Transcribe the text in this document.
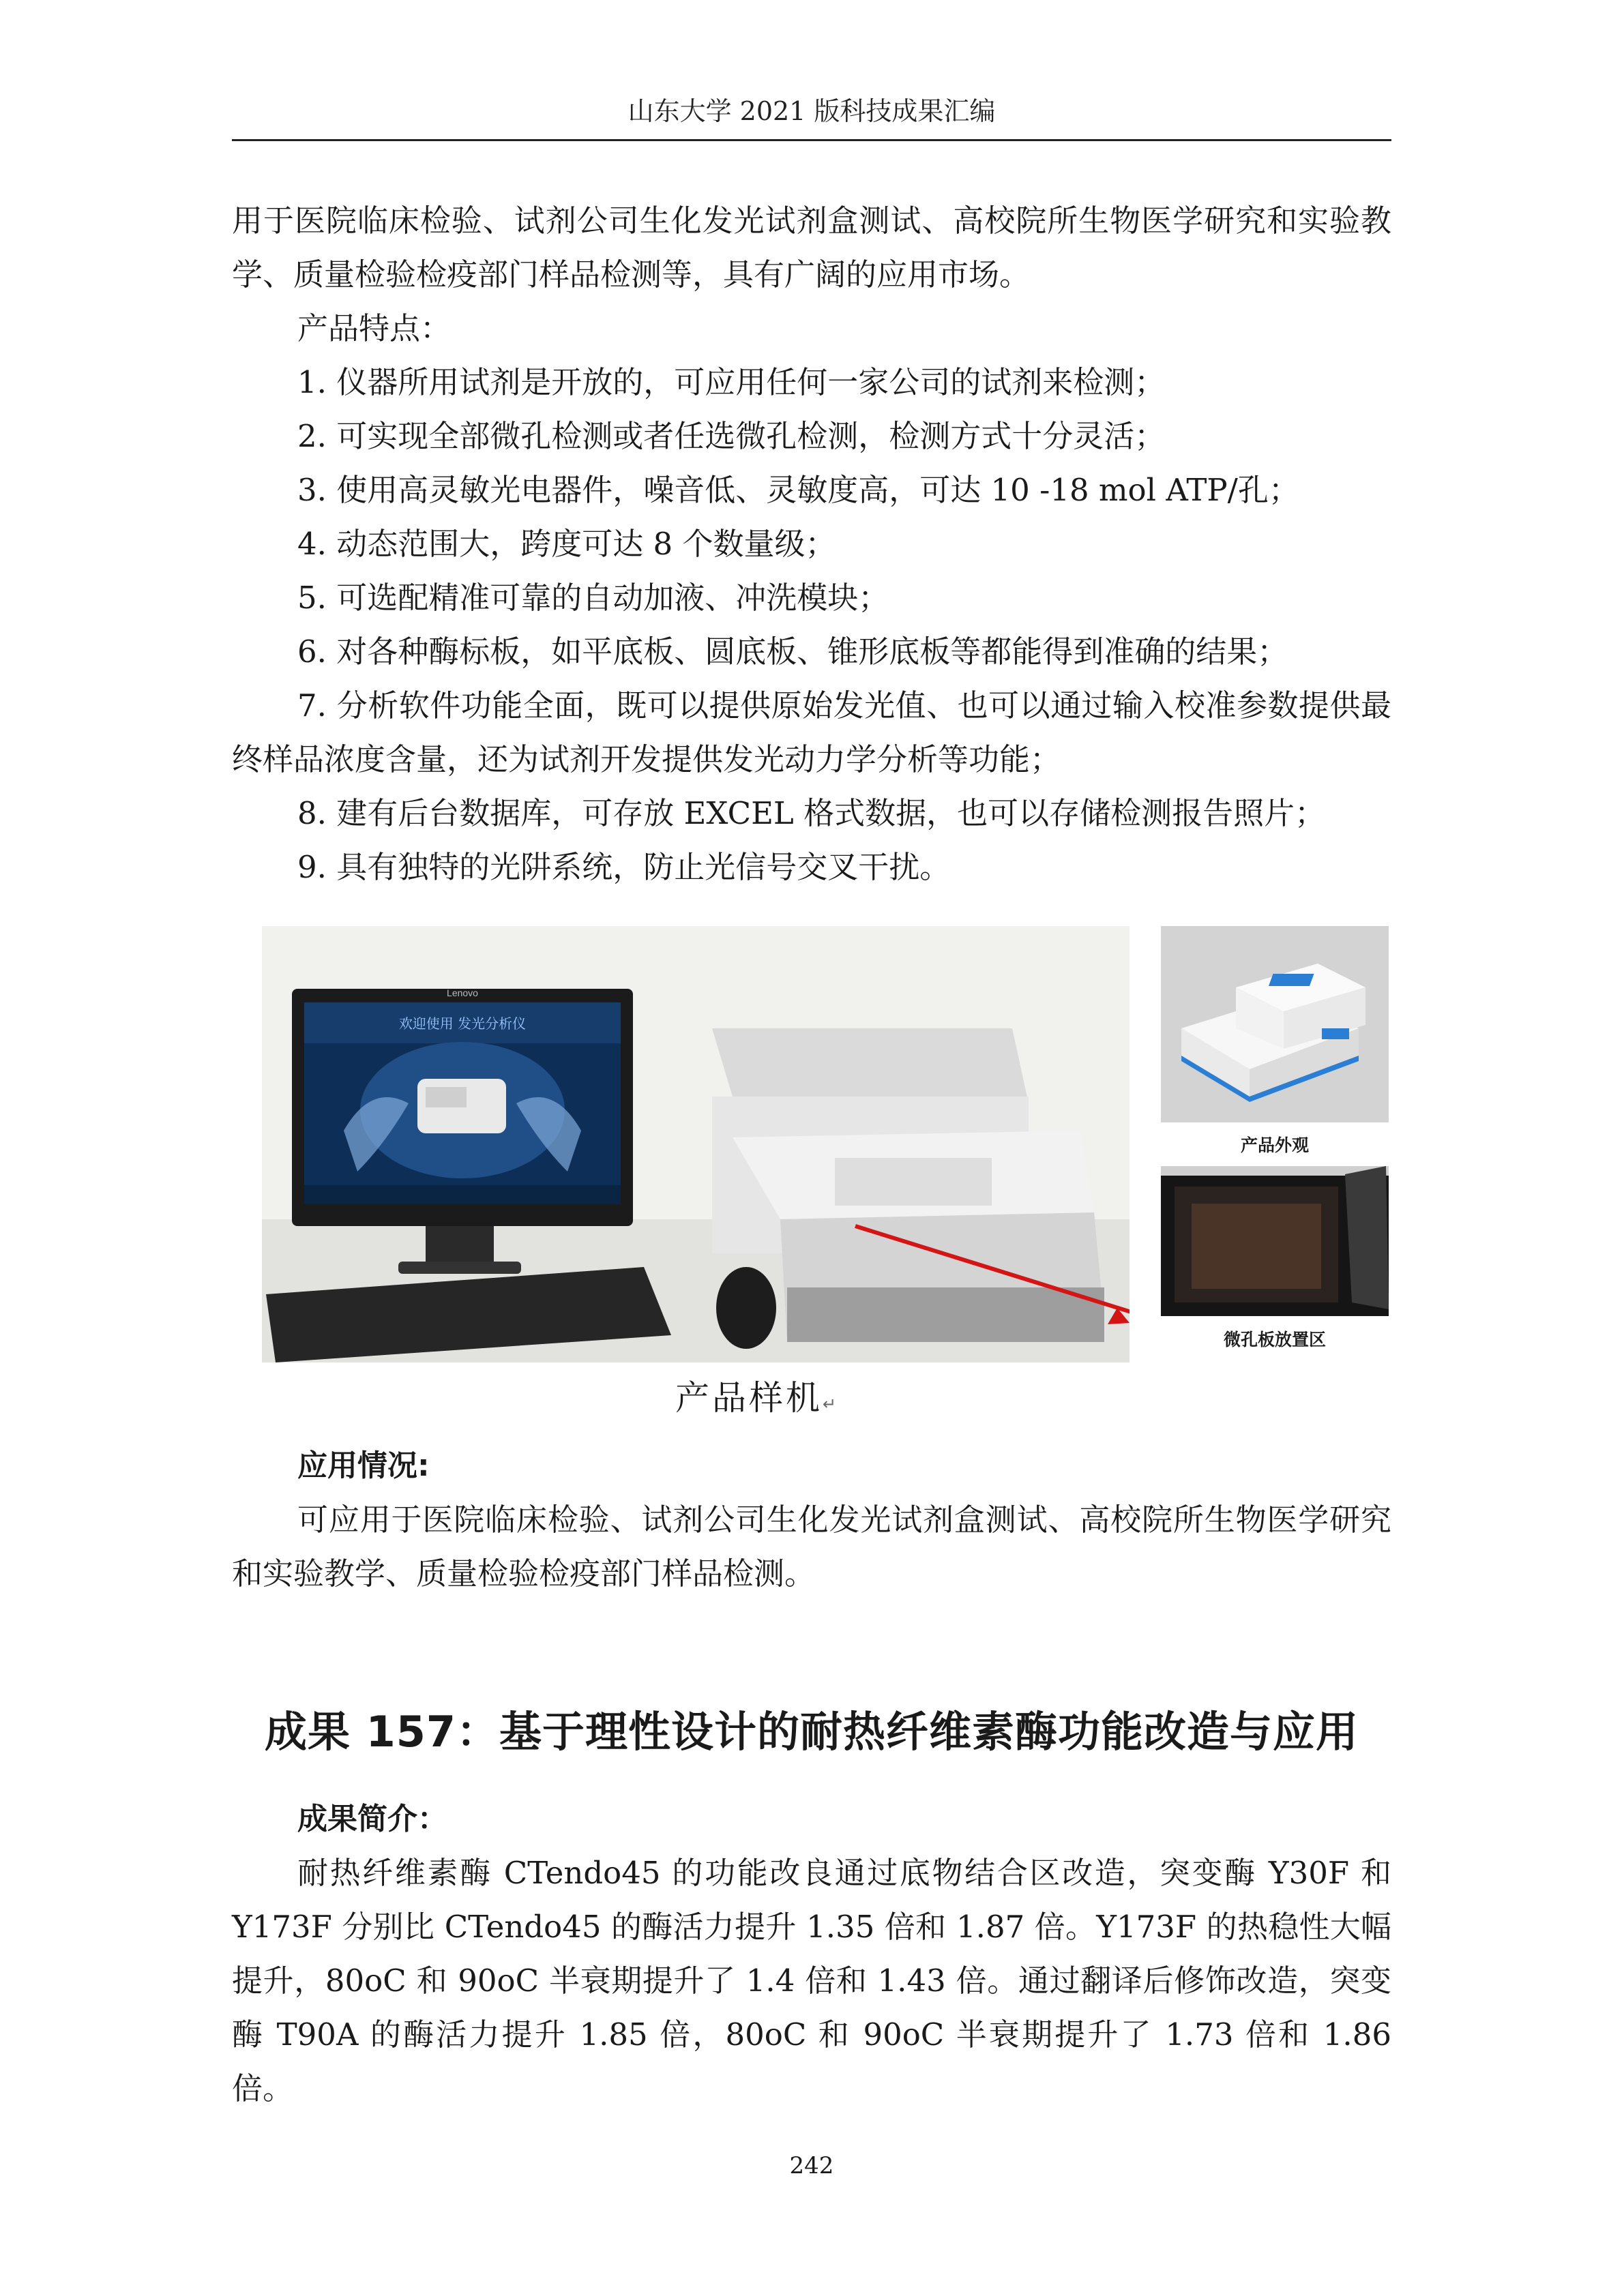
山东大学 2021 版科技成果汇编

用于医院临床检验、试剂公司生化发光试剂盒测试、高校院所生物医学研究和实验教学、质量检验检疫部门样品检测等，具有广阔的应用市场。

产品特点：

1. 仪器所用试剂是开放的，可应用任何一家公司的试剂来检测；

2. 可实现全部微孔检测或者任选微孔检测，检测方式十分灵活；

3. 使用高灵敏光电器件，噪音低、灵敏度高，可达 10 -18 mol ATP/孔；

4. 动态范围大，跨度可达 8 个数量级；

5. 可选配精准可靠的自动加液、冲洗模块；

6. 对各种酶标板，如平底板、圆底板、锥形底板等都能得到准确的结果；

7. 分析软件功能全面，既可以提供原始发光值、也可以通过输入校准参数提供最终样品浓度含量，还为试剂开发提供发光动力学分析等功能；

8. 建有后台数据库，可存放 EXCEL 格式数据，也可以存储检测报告照片；

9. 具有独特的光阱系统，防止光信号交叉干扰。

Lenovo
欢迎使用 发光分析仪
产品外观
微孔板放置区
产品样机↵

应用情况:

可应用于医院临床检验、试剂公司生化发光试剂盒测试、高校院所生物医学研究和实验教学、质量检验检疫部门样品检测。

成果 157：基于理性设计的耐热纤维素酶功能改造与应用

成果简介：

耐热纤维素酶 CTendo45 的功能改良通过底物结合区改造，突变酶 Y30F 和 Y173F 分别比 CTendo45 的酶活力提升 1.35 倍和 1.87 倍。Y173F 的热稳性大幅提升，80oC 和 90oC 半衰期提升了 1.4 倍和 1.43 倍。通过翻译后修饰改造，突变酶 T90A 的酶活力提升 1.85 倍，80oC 和 90oC 半衰期提升了 1.73 倍和 1.86 倍。

242
